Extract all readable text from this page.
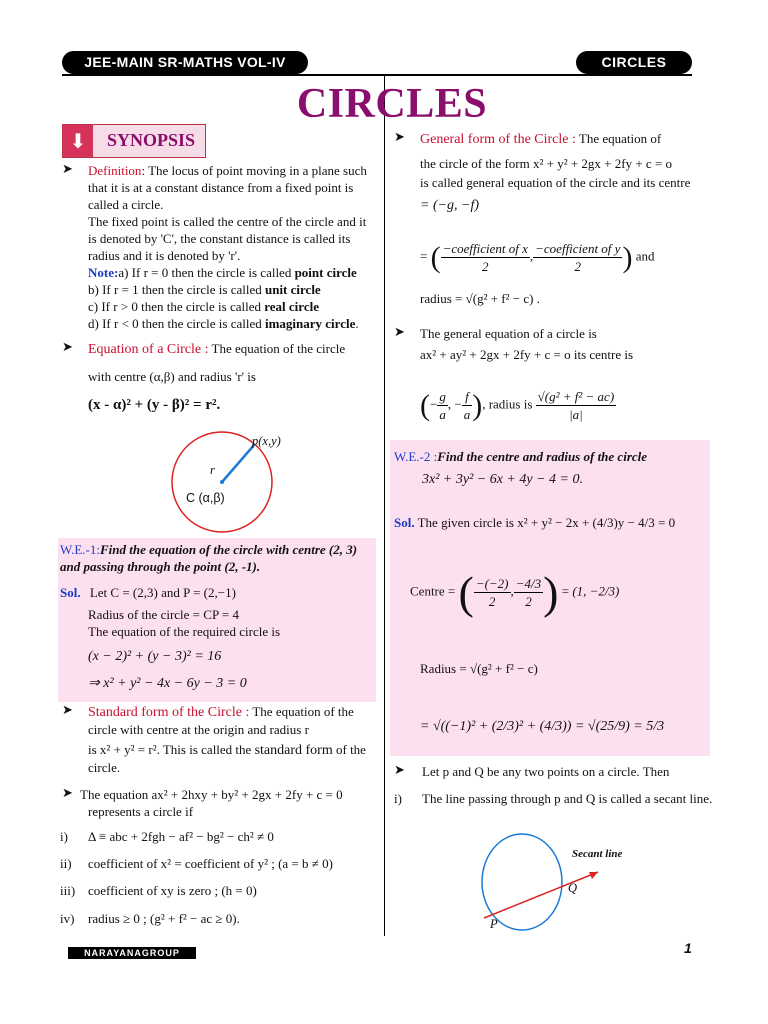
JEE-MAIN SR-MATHS VOL-IV	CIRCLES
CIRCLES
⬇	SYNOPSIS
➤ Definition: The locus of point moving in a plane such that it is at a constant distance from a fixed point is called a circle.
The fixed point is called the centre of the circle and it is denoted by 'C', the constant distance is called its radius and it is denoted by 'r'.
Note:a) If r = 0 then the circle is called point circle
b) If r = 1 then the circle is called unit circle
c) If r > 0 then the circle is called real circle
d) If r < 0 then the circle is called imaginary circle.
➤ Equation of a Circle : The equation of the circle
with centre (α,β) and radius 'r' is
(x - α)² + (y - β)² = r².
p(x,y)
r
C (α,β)
W.E.-1:Find the equation of the circle with centre (2, 3) and passing through the point (2, -1).
Sol. Let C = (2,3) and P = (2,−1)
Radius of the circle = CP = 4
The equation of the required circle is
(x − 2)² + (y − 3)² = 16
⇒ x² + y² − 4x − 6y − 3 = 0
➤ Standard form of the Circle : The equation of the circle with centre at the origin and radius r
is x² + y² = r². This is called the standard form of the circle.
➤ The equation ax² + 2hxy + by² + 2gx + 2fy + c = 0
represents a circle if
i) Δ ≡ abc + 2fgh − af² − bg² − ch² ≠ 0
ii) coefficient of x² = coefficient of y² ; (a = b ≠ 0)
iii) coefficient of xy is zero ; (h = 0)
iv) radius ≥ 0 ; (g² + f² − ac ≥ 0).
➤ General form of the Circle : The equation of
the circle of the form x² + y² + 2gx + 2fy + c = o
is called general equation of the circle and its centre
= (−g, −f)
= ( $\frac{\text{−coefficient of x}}{2}$ , $\frac{\text{−coefficient of y}}{2}$ ) and
radius = √(g² + f² − c) .
➤ The general equation of a circle is
ax² + ay² + 2gx + 2fy + c = o its centre is
(− $\frac{g}{a}$ , − $\frac{f}{a}$ ), radius is $\frac{\text{√(g² + f² − ac)}}{|a|}$
W.E.-2 :Find the centre and radius of the circle
3x² + 3y² − 6x + 4y − 4 = 0.
Sol. The given circle is x² + y² − 2x + (4/3)y − 4/3 = 0
Centre = ( $\frac{-(-2)}{2}$ , $\frac{-4/3}{2}$ ) = (1, −2/3)
Radius = √(g² + f² − c)
= √((−1)² + (2/3)² + (4/3)) = √(25/9) = 5/3
➤ Let p and Q be any two points on a circle. Then
i) The line passing through p and Q is called a secant line.
Secant line
Q
P
NARAYANAGROUP	1
